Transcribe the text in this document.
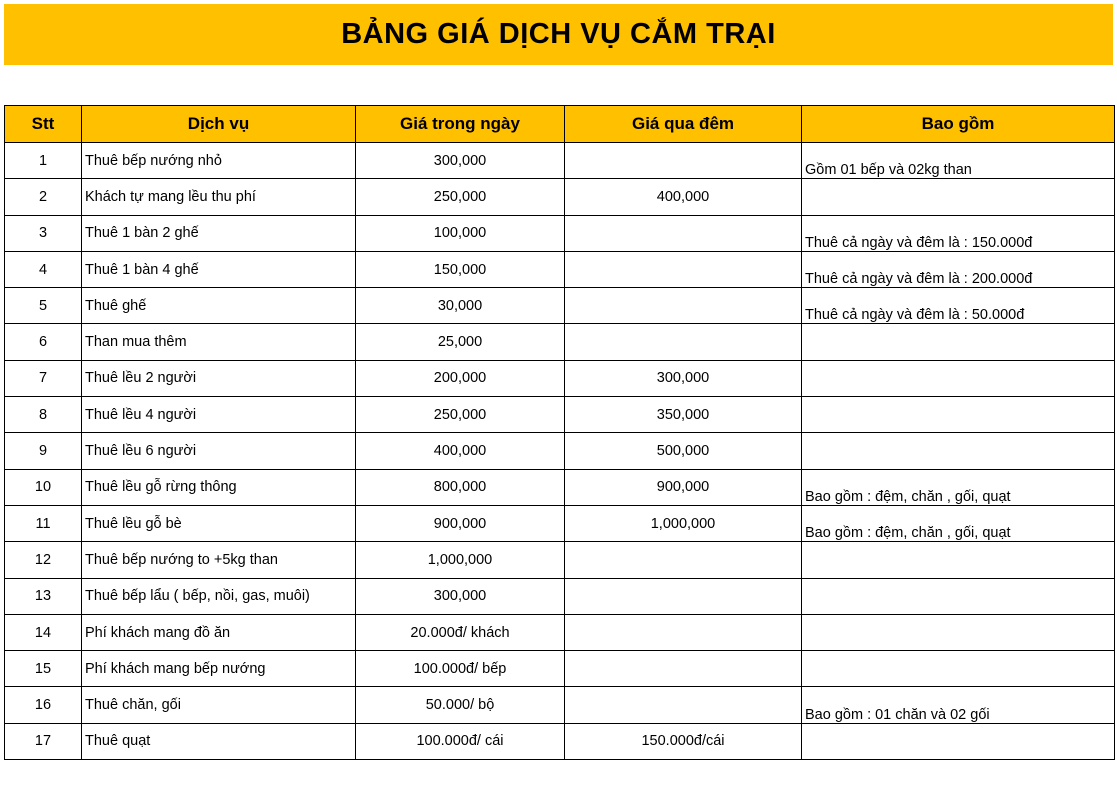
BẢNG GIÁ DỊCH VỤ CẮM TRẠI
Stt	Dịch vụ	Giá trong ngày	Giá qua đêm	Bao gồm
1	Thuê bếp nướng nhỏ	300,000		Gồm 01 bếp và 02kg than
2	Khách tự mang lều thu phí	250,000	400,000	
3	Thuê 1 bàn 2 ghế	100,000		Thuê cả ngày và đêm là : 150.000đ
4	Thuê 1 bàn 4 ghế	150,000		Thuê cả ngày và đêm là : 200.000đ
5	Thuê ghế	30,000		Thuê cả ngày và đêm là : 50.000đ
6	Than mua thêm	25,000		
7	Thuê lều 2 người	200,000	300,000	
8	Thuê lều 4 người	250,000	350,000	
9	Thuê lều 6 người	400,000	500,000	
10	Thuê lều gỗ rừng thông	800,000	900,000	Bao gồm : đệm, chăn , gối, quạt
11	Thuê lều gỗ bè	900,000	1,000,000	Bao gồm : đệm, chăn , gối, quạt
12	Thuê bếp nướng to +5kg than	1,000,000		
13	Thuê bếp lẩu ( bếp, nồi, gas, muôi)	300,000		
14	Phí khách mang đồ ăn	20.000đ/ khách		
15	Phí khách mang bếp nướng	100.000đ/ bếp		
16	Thuê chăn, gối	50.000/ bộ		Bao gồm : 01 chăn và 02 gối
17	Thuê quạt	100.000đ/ cái	150.000đ/cái	
